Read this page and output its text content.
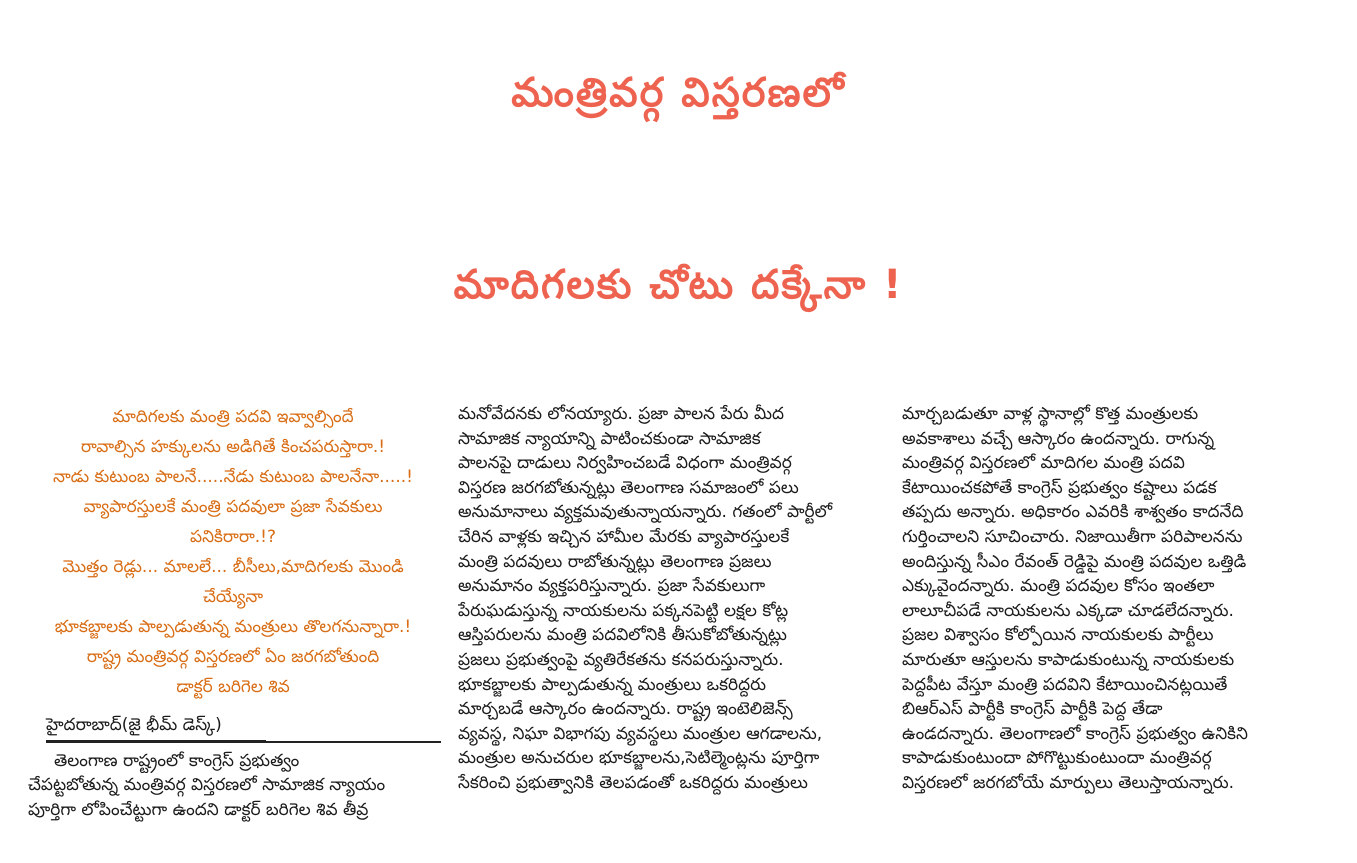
మంత్రివర్గ విస్తరణలో
మాదిగలకు చోటు దక్కేనా !

మాదిగలకు మంత్రి పదవి ఇవ్వాల్సిందే

రావాల్సిన హక్కులను అడిగితే కించపరుస్తారా.!

నాడు కుటుంబ పాలనే.....నేడు కుటుంబ పాలనేనా.....!

వ్యాపారస్తులకే మంత్రి పదవులా ప్రజా సేవకులు

పనికిరారా.!?

మొత్తం రెడ్లు... మాలలే... బీసీలు,మాదిగలకు మొండి

చేయ్యేనా

భూకబ్జాలకు పాల్పడుతున్న మంత్రులు తొలగనున్నారా.!

రాష్ట్ర మంత్రివర్గ విస్తరణలో ఏం జరగబోతుంది

డాక్టర్ బరిగెల శివ

హైదరాబాద్(జై భీమ్ డెస్క్)
తెలంగాణ రాష్ట్రంలో కాంగ్రెస్ ప్రభుత్వం
చేపట్టబోతున్న మంత్రివర్గ విస్తరణలో సామాజిక న్యాయం
పూర్తిగా లోపించేట్టుగా ఉందని డాక్టర్ బరిగెల శివ తీవ్ర
మనోవేదనకు లోనయ్యారు. ప్రజా పాలన పేరు మీద
సామాజిక న్యాయాన్ని పాటించకుండా సామాజిక
పాలనపై దాడులు నిర్వహించబడే విధంగా మంత్రివర్గ
విస్తరణ జరగబోతున్నట్లు తెలంగాణ సమాజంలో పలు
అనుమానాలు వ్యక్తమవుతున్నాయన్నారు. గతంలో పార్టీలో
చేరిన వాళ్లకు ఇచ్చిన హామీల మేరకు వ్యాపారస్తులకే
మంత్రి పదవులు రాబోతున్నట్లు తెలంగాణ ప్రజలు
అనుమానం వ్యక్తపరిస్తున్నారు. ప్రజా సేవకులుగా
పేరుఘడుస్తున్న నాయకులను పక్కనపెట్టి లక్షల కోట్ల
ఆస్తిపరులను మంత్రి పదవిలోనికి తీసుకోబోతున్నట్లు
ప్రజలు ప్రభుత్వంపై వ్యతిరేకతను కనపరుస్తున్నారు.
భూకబ్జాలకు పాల్పడుతున్న మంత్రులు ఒకరిద్దరు
మార్చబడే ఆస్కారం ఉందన్నారు. రాష్ట్ర ఇంటెలిజెన్స్
వ్యవస్థ, నిఘా విభాగపు వ్యవస్థలు మంత్రుల ఆగడాలను,
మంత్రుల అనుచరుల భూకబ్జాలను,సెటిల్మెంట్లను పూర్తిగా
సేకరించి ప్రభుత్వానికి తెలపడంతో ఒకరిద్దరు మంత్రులు
మార్చబడుతూ వాళ్ల స్థానాల్లో కొత్త మంత్రులకు
అవకాశాలు వచ్చే ఆస్కారం ఉందన్నారు. రాగున్న
మంత్రివర్గ విస్తరణలో మాదిగల మంత్రి పదవి
కేటాయించకపోతే కాంగ్రెస్ ప్రభుత్వం కష్టాలు పడక
తప్పదు అన్నారు. అధికారం ఎవరికి శాశ్వతం కాదనేది
గుర్తించాలని సూచించారు. నిజాయితీగా పరిపాలనను
అందిస్తున్న సీఎం రేవంత్ రెడ్డిపై మంత్రి పదవుల ఒత్తిడి
ఎక్కువైందన్నారు. మంత్రి పదవుల కోసం ఇంతలా
లాలూచీపడే నాయకులను ఎక్కడా చూడలేదన్నారు.
ప్రజల విశ్వాసం కోల్పోయిన నాయకులకు పార్టీలు
మారుతూ ఆస్తులను కాపాడుకుంటున్న నాయకులకు
పెద్దపీట వేస్తూ మంత్రి పదవిని కేటాయించినట్లయితే
బిఆర్ఎస్ పార్టీకి కాంగ్రెస్ పార్టీకి పెద్ద తేడా
ఉండదన్నారు. తెలంగాణలో కాంగ్రెస్ ప్రభుత్వం ఉనికిని
కాపాడుకుంటుందా పోగొట్టుకుంటుందా మంత్రివర్గ
విస్తరణలో జరగబోయే మార్పులు తెలుస్తాయన్నారు.
